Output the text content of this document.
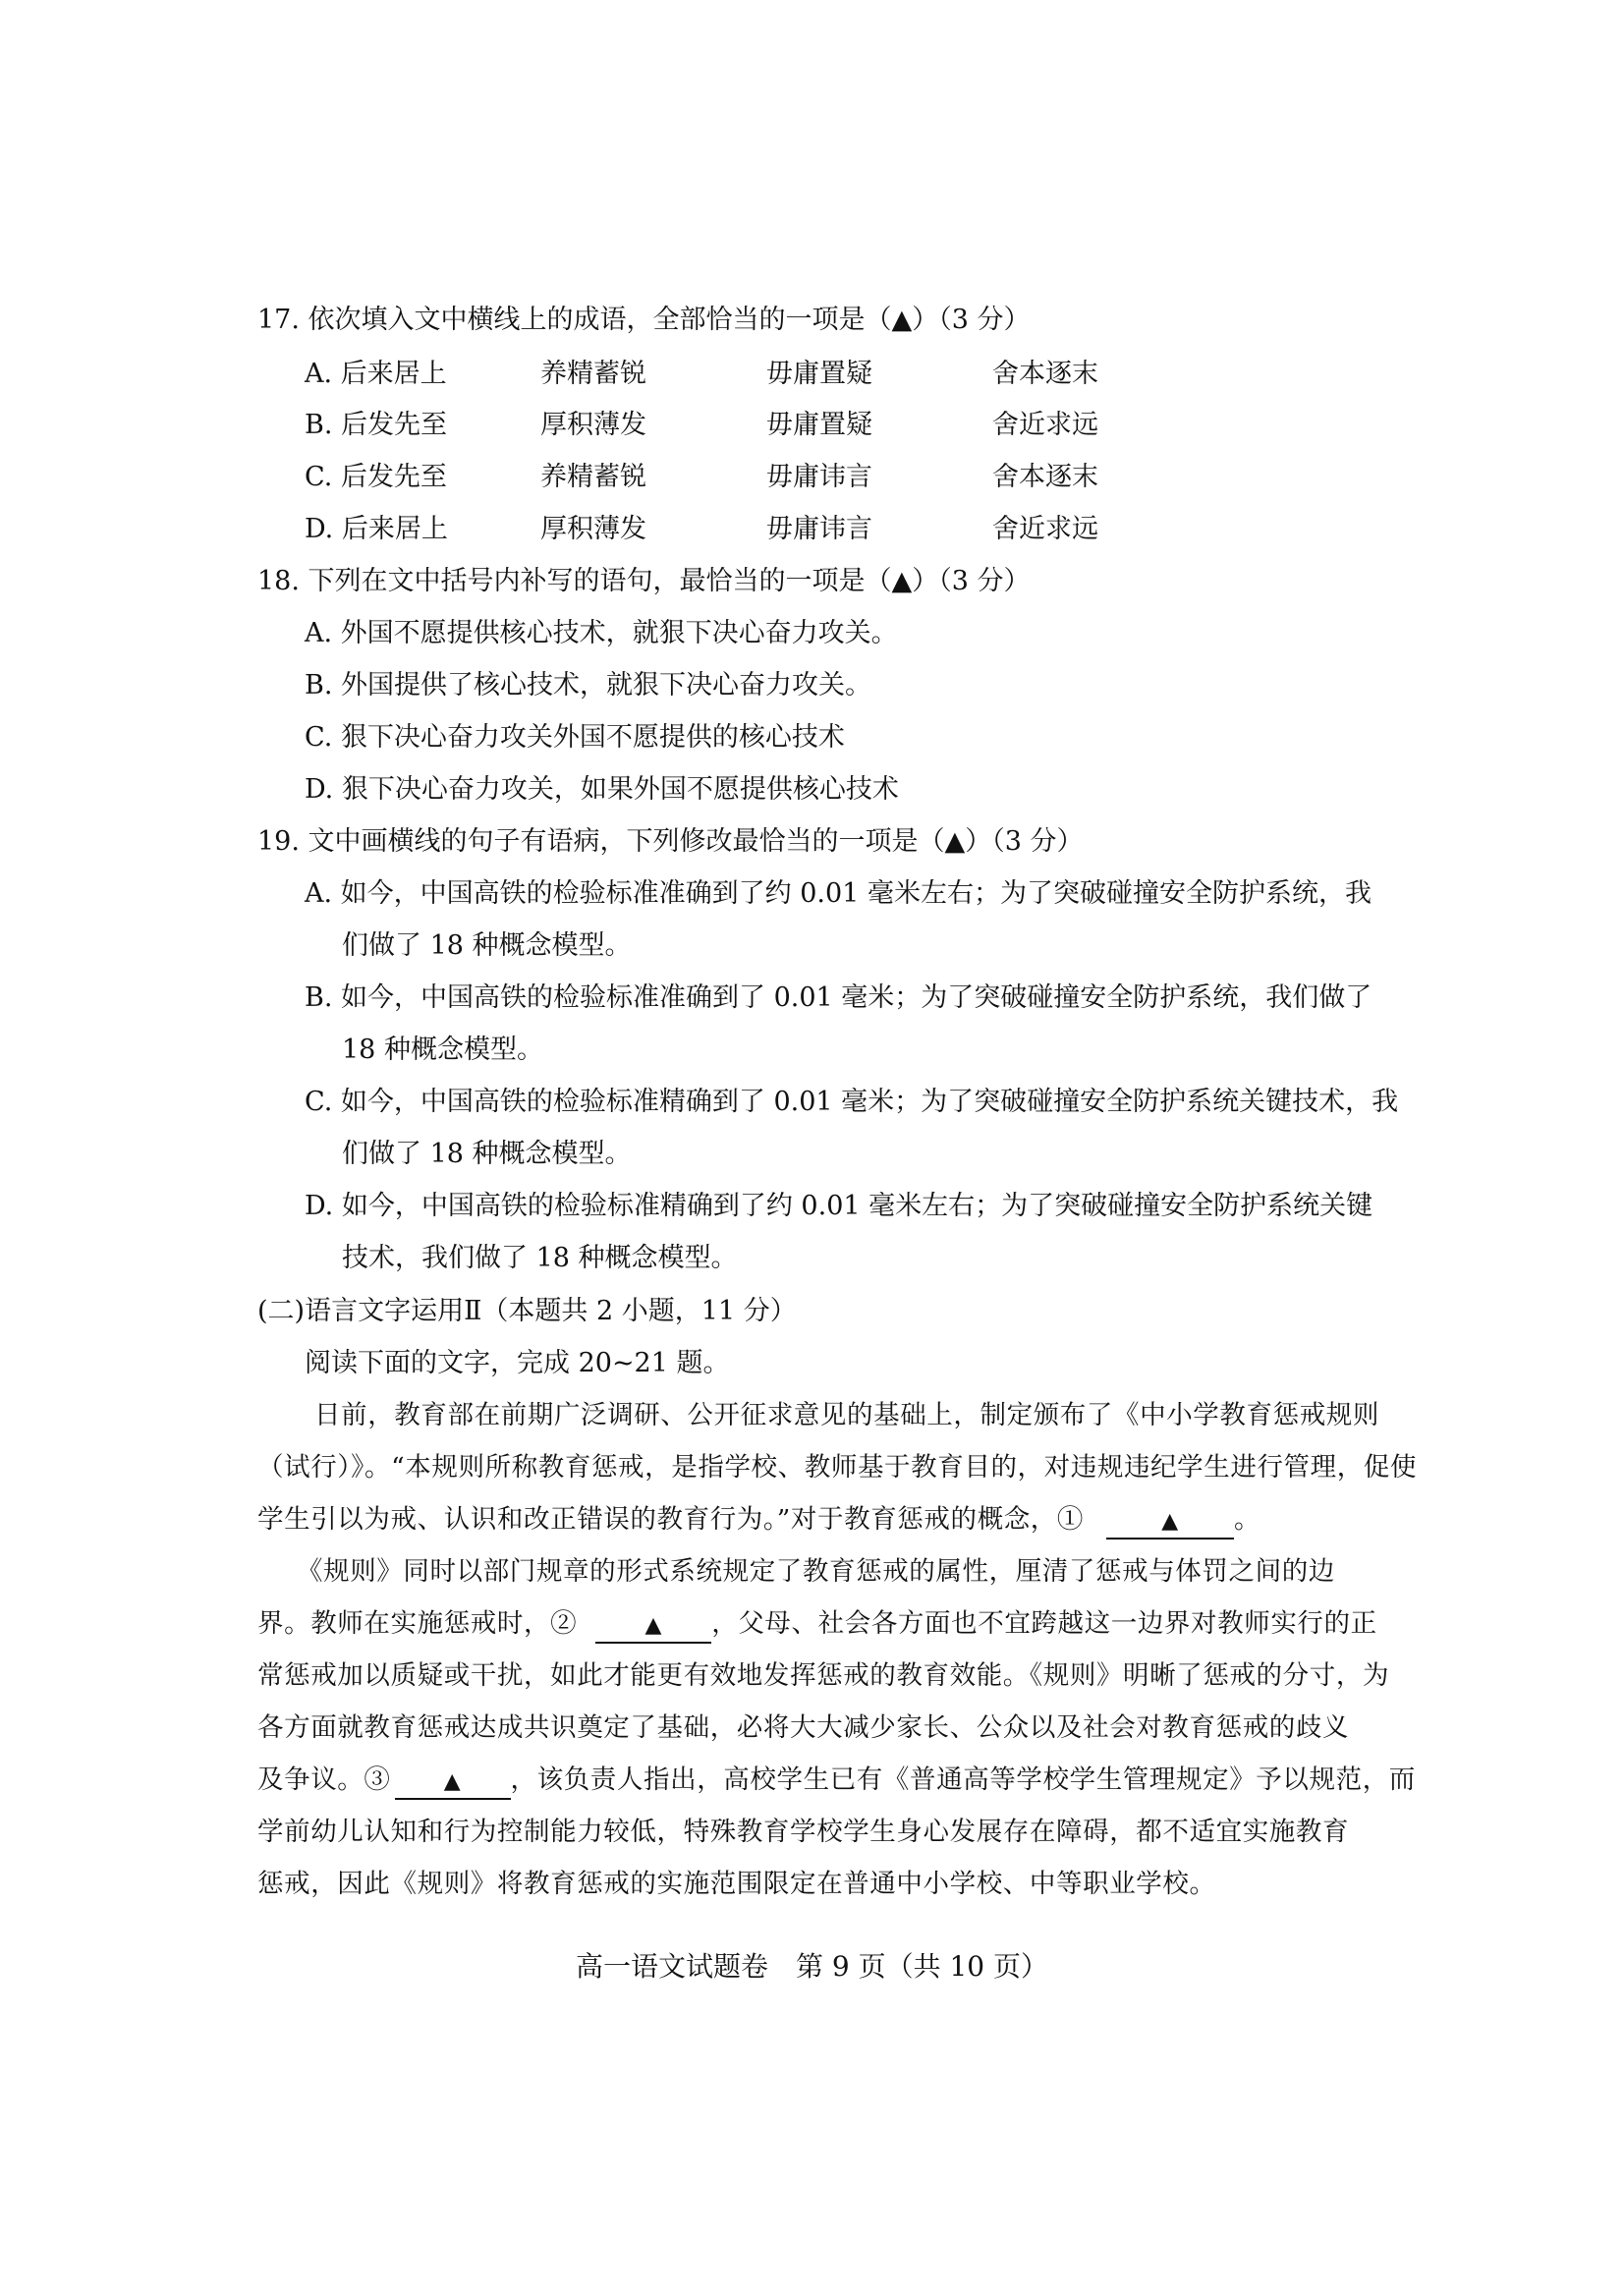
17. 依次填入文中横线上的成语，全部恰当的一项是（▲）（3 分）
A. 后来居上	养精蓄锐	毋庸置疑	舍本逐末
B. 后发先至	厚积薄发	毋庸置疑	舍近求远
C. 后发先至	养精蓄锐	毋庸讳言	舍本逐末
D. 后来居上	厚积薄发	毋庸讳言	舍近求远
18. 下列在文中括号内补写的语句，最恰当的一项是（▲）（3 分）
A. 外国不愿提供核心技术，就狠下决心奋力攻关。
B. 外国提供了核心技术，就狠下决心奋力攻关。
C. 狠下决心奋力攻关外国不愿提供的核心技术
D. 狠下决心奋力攻关，如果外国不愿提供核心技术
19. 文中画横线的句子有语病，下列修改最恰当的一项是（▲）（3 分）
A. 如今，中国高铁的检验标准准确到了约 0.01 毫米左右；为了突破碰撞安全防护系统，我
们做了 18 种概念模型。
B. 如今，中国高铁的检验标准准确到了 0.01 毫米；为了突破碰撞安全防护系统，我们做了
18 种概念模型。
C. 如今，中国高铁的检验标准精确到了 0.01 毫米；为了突破碰撞安全防护系统关键技术，我
们做了 18 种概念模型。
D. 如今，中国高铁的检验标准精确到了约 0.01 毫米左右；为了突破碰撞安全防护系统关键
技术，我们做了 18 种概念模型。
(二)语言文字运用Ⅱ（本题共 2 小题，11 分）
阅读下面的文字，完成 20~21 题。
日前，教育部在前期广泛调研、公开征求意见的基础上，制定颁布了《中小学教育惩戒规则
（试行）》。“本规则所称教育惩戒，是指学校、教师基于教育目的，对违规违纪学生进行管理，促使
学生引以为戒、认识和改正错误的教育行为。”对于教育惩戒的概念，①	▲ 。
《规则》同时以部门规章的形式系统规定了教育惩戒的属性，厘清了惩戒与体罚之间的边
界。教师在实施惩戒时，②	▲ ，父母、社会各方面也不宜跨越这一边界对教师实行的正
常惩戒加以质疑或干扰，如此才能更有效地发挥惩戒的教育效能。《规则》明晰了惩戒的分寸，为
各方面就教育惩戒达成共识奠定了基础，必将大大减少家长、公众以及社会对教育惩戒的歧义
及争议。③ ▲ ，该负责人指出，高校学生已有《普通高等学校学生管理规定》予以规范，而
学前幼儿认知和行为控制能力较低，特殊教育学校学生身心发展存在障碍，都不适宜实施教育
惩戒，因此《规则》将教育惩戒的实施范围限定在普通中小学校、中等职业学校。
高一语文试题卷　第 9 页（共 10 页）
